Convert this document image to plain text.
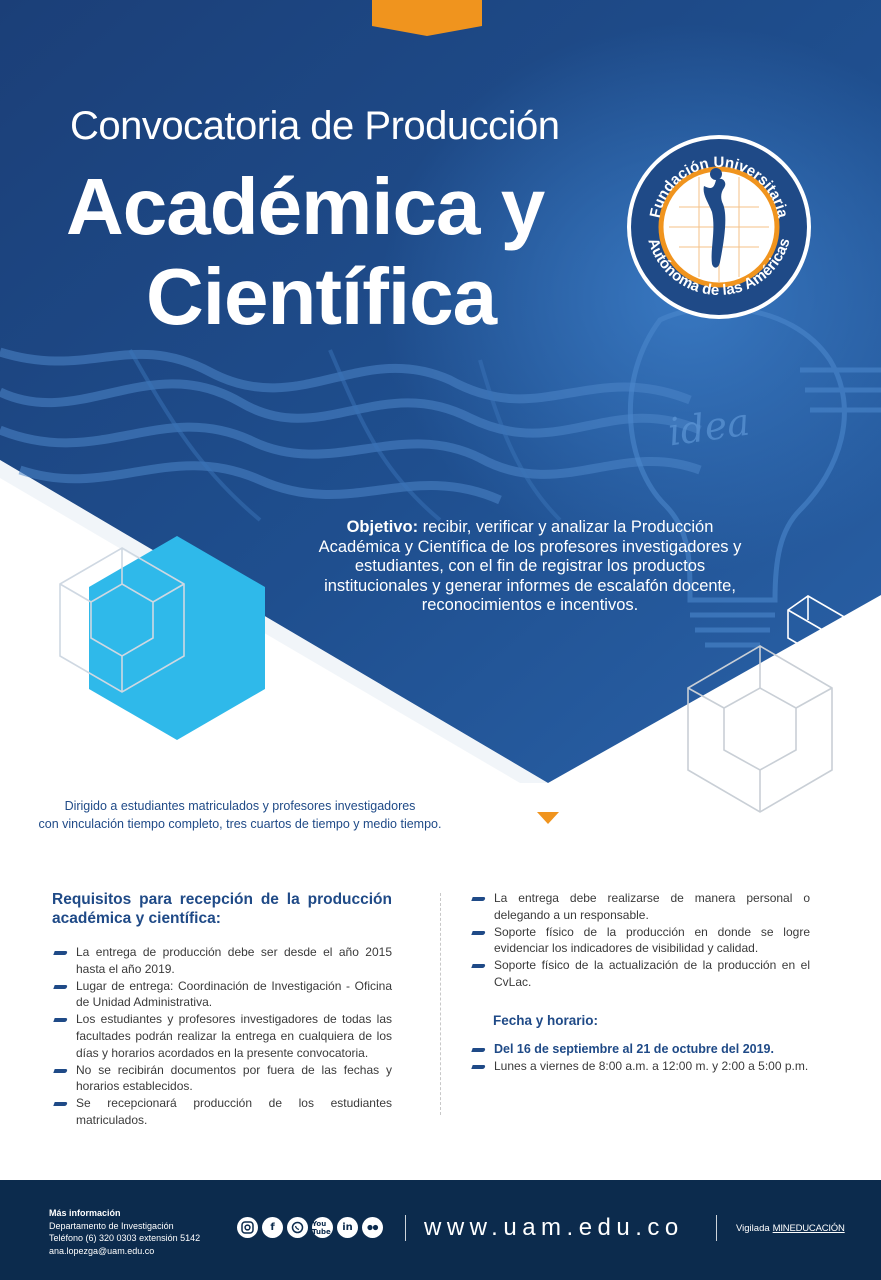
Convocatoria de Producción
Académica y
Científica
Fundación Universitaria
Autónoma de las Américas
idea
Objetivo: recibir, verificar y analizar la Producción Académica y Científica de los profesores investigadores y estudiantes, con el fin de registrar los productos institucionales y generar informes de escalafón docente, reconocimientos e incentivos.
Dirigido a estudiantes matriculados y profesores investigadores
con vinculación tiempo completo, tres cuartos de tiempo y medio tiempo.
Requisitos para recepción de la producción académica y científica:
La entrega de producción debe ser desde el año 2015 hasta el año 2019.
Lugar de entrega: Coordinación de Investigación - Oficina de Unidad Administrativa.
Los estudiantes y profesores investigadores de todas las facultades podrán realizar la entrega en cualquiera de los días y horarios acordados en la presente convocatoria.
No se recibirán documentos por fuera de las fechas y horarios establecidos.
Se recepcionará producción de los estudiantes matriculados.
La entrega debe realizarse de manera personal o delegando a un responsable.
Soporte físico de la producción en donde se logre evidenciar los indicadores de visibilidad y calidad.
Soporte físico de la actualización de la producción en el CvLac.
Fecha y horario:
Del 16 de septiembre al 21 de octubre del 2019.
Lunes a viernes de 8:00 a.m. a 12:00 m. y 2:00 a 5:00 p.m.
Más información
Departamento de Investigación
Teléfono (6) 320 0303 extensión 5142
ana.lopezga@uam.edu.co
f	You Tube	in	www.uam.edu.co	Vigilada MINEDUCACIÓN
